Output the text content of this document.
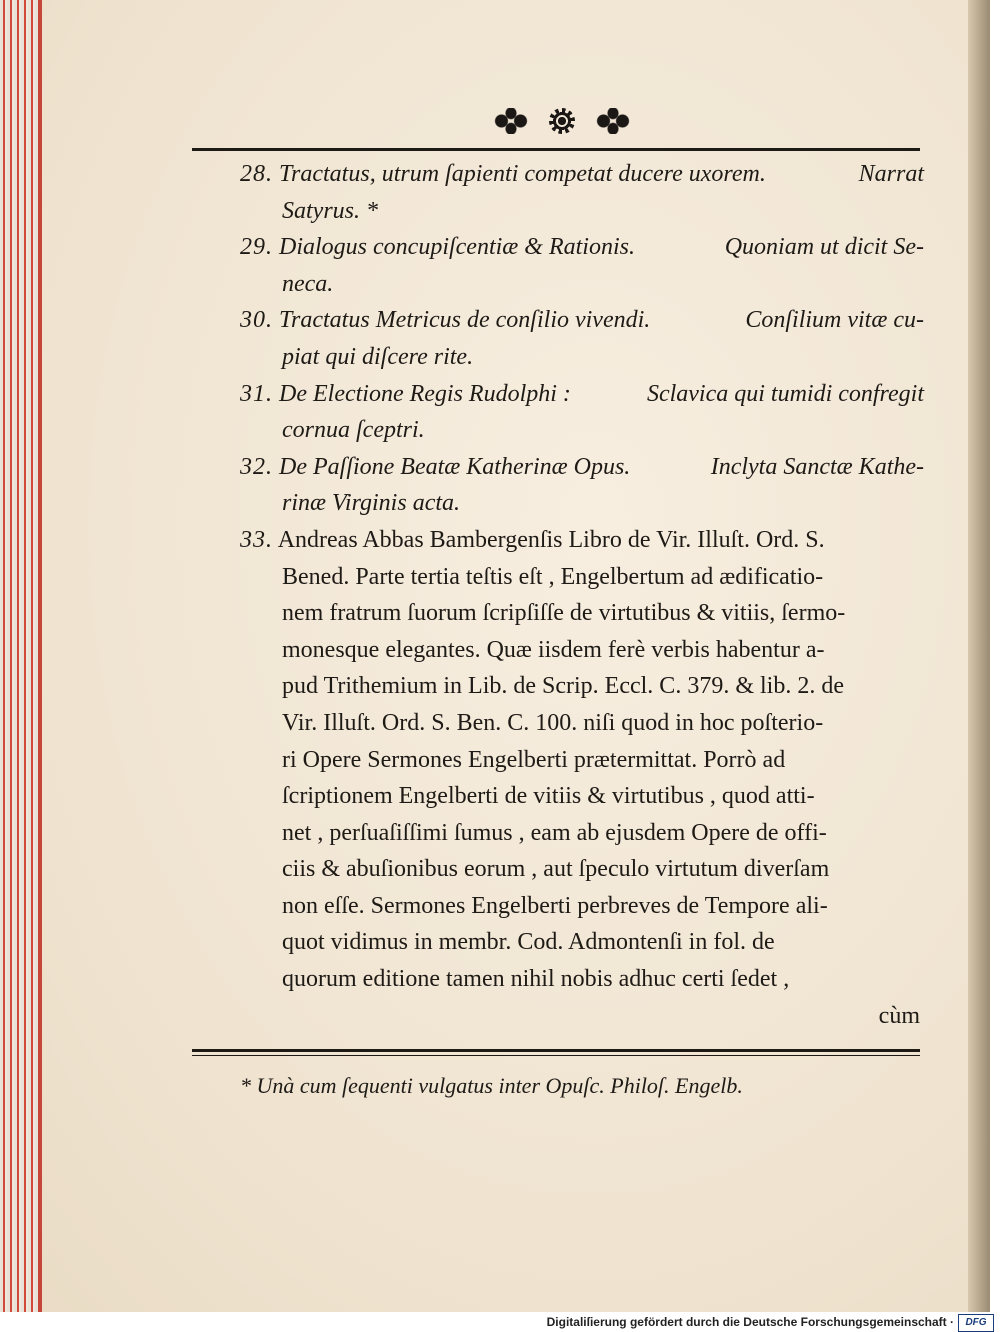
28. Tractatus, utrum ſapienti competat ducere uxorem.	Narrat
Satyrus. *
29. Dialogus concupiſcentiæ & Rationis.	Quoniam ut dicit Se-
neca.
30. Tractatus Metricus de conſilio vivendi.	Conſilium vitæ cu-
piat qui diſcere rite.
31. De Electione Regis Rudolphi :	Sclavica qui tumidi confregit
cornua ſceptri.
32. De Paſſione Beatæ Katherinæ Opus.	Inclyta Sanctæ Kathe-
rinæ Virginis acta.
33. Andreas Abbas Bambergenſis Libro de Vir. Illuſt. Ord. S.
Bened. Parte tertia teſtis eſt , Engelbertum ad ædificatio-
nem fratrum ſuorum ſcripſiſſe de virtutibus & vitiis, ſermo-
monesque elegantes. Quæ iisdem ferè verbis habentur a-
pud Trithemium in Lib. de Scrip. Eccl. C. 379. & lib. 2. de
Vir. Illuſt. Ord. S. Ben. C. 100. niſi quod in hoc poſterio-
ri Opere Sermones Engelberti prætermittat. Porrò ad
ſcriptionem Engelberti de vitiis & virtutibus , quod atti-
net , perſuaſiſſimi ſumus , eam ab ejusdem Opere de offi-
ciis & abuſionibus eorum , aut ſpeculo virtutum diverſam
non eſſe. Sermones Engelberti perbreves de Tempore ali-
quot vidimus in membr. Cod. Admontenſi in fol. de
quorum editione tamen nihil nobis adhuc certi ſedet ,
cùm
* Unà cum ſequenti vulgatus inter Opuſc. Philoſ. Engelb.
Digitaliſierung gefördert durch die Deutsche Forschungsgemeinschaft ·	DFG
